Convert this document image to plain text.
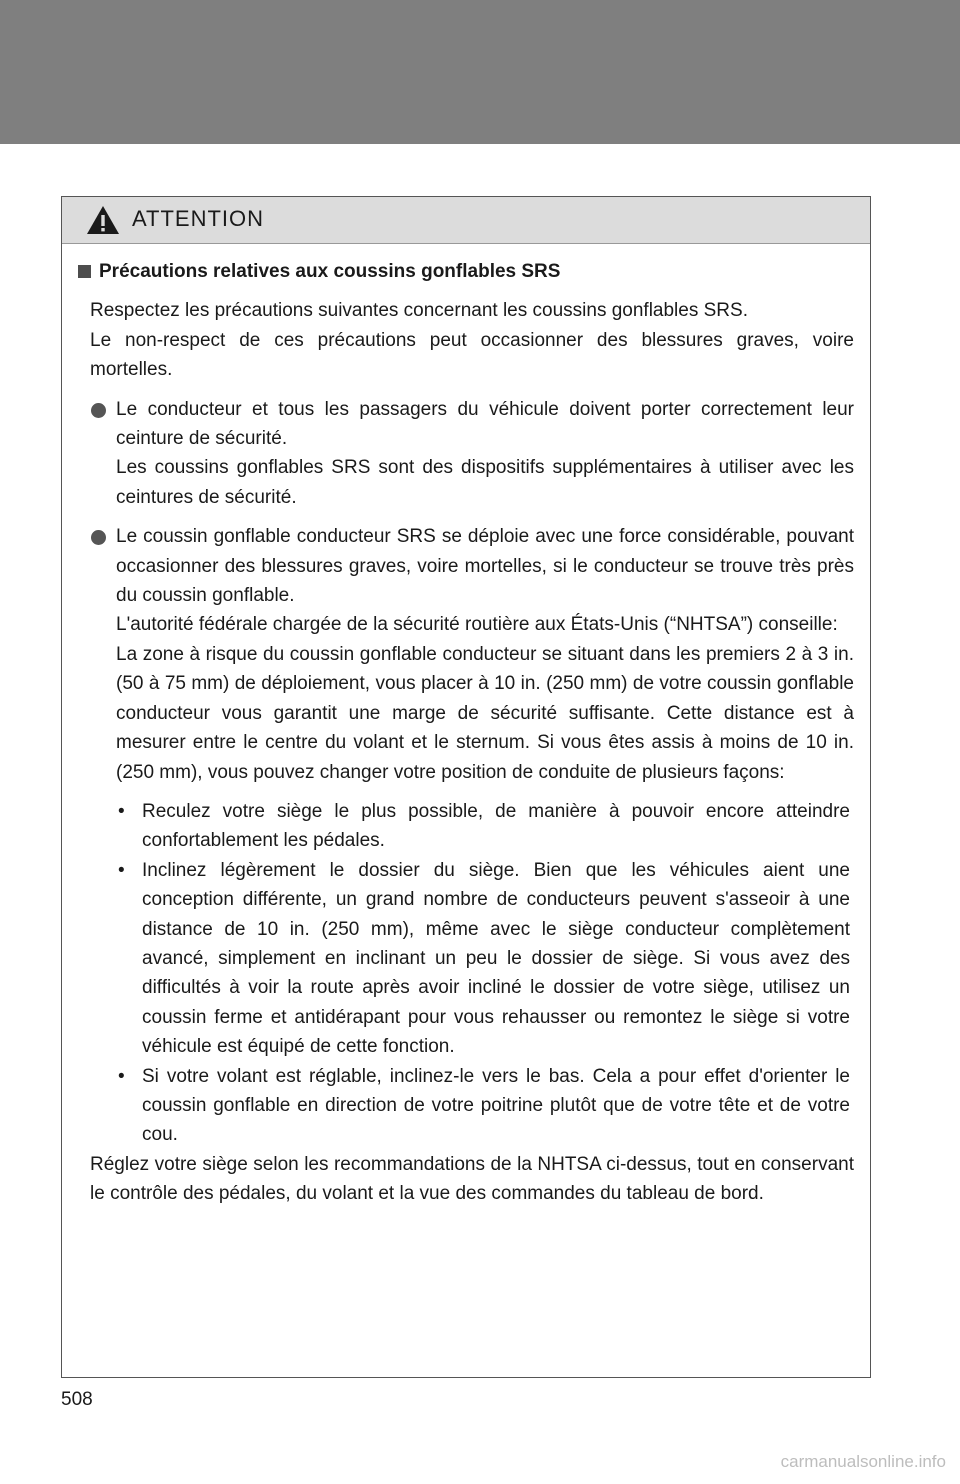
ATTENTION
Précautions relatives aux coussins gonflables SRS

Respectez les précautions suivantes concernant les coussins gonflables SRS.

Le non-respect de ces précautions peut occasionner des blessures graves, voire mortelles.

Le conducteur et tous les passagers du véhicule doivent porter correctement leur ceinture de sécurité.

Les coussins gonflables SRS sont des dispositifs supplémentaires à utiliser avec les ceintures de sécurité.

Le coussin gonflable conducteur SRS se déploie avec une force considérable, pouvant occasionner des blessures graves, voire mortelles, si le conducteur se trouve très près du coussin gonflable.

L'autorité fédérale chargée de la sécurité routière aux États-Unis (“NHTSA”) conseille:

La zone à risque du coussin gonflable conducteur se situant dans les premiers 2 à 3 in. (50 à 75 mm) de déploiement, vous placer à 10 in. (250 mm) de votre coussin gonflable conducteur vous garantit une marge de sécurité suffisante. Cette distance est à mesurer entre le centre du volant et le sternum. Si vous êtes assis à moins de 10 in. (250 mm), vous pouvez changer votre position de conduite de plusieurs façons:

• Reculez votre siège le plus possible, de manière à pouvoir encore atteindre confortablement les pédales.
• Inclinez légèrement le dossier du siège. Bien que les véhicules aient une conception différente, un grand nombre de conducteurs peuvent s'asseoir à une distance de 10 in. (250 mm), même avec le siège conducteur complètement avancé, simplement en inclinant un peu le dossier de siège. Si vous avez des difficultés à voir la route après avoir incliné le dossier de votre siège, utilisez un coussin ferme et antidérapant pour vous rehausser ou remontez le siège si votre véhicule est équipé de cette fonction.
• Si votre volant est réglable, inclinez-le vers le bas. Cela a pour effet d'orienter le coussin gonflable en direction de votre poitrine plutôt que de votre tête et de votre cou.

Réglez votre siège selon les recommandations de la NHTSA ci-dessus, tout en conservant le contrôle des pédales, du volant et la vue des commandes du tableau de bord.

508
carmanualsonline.info
